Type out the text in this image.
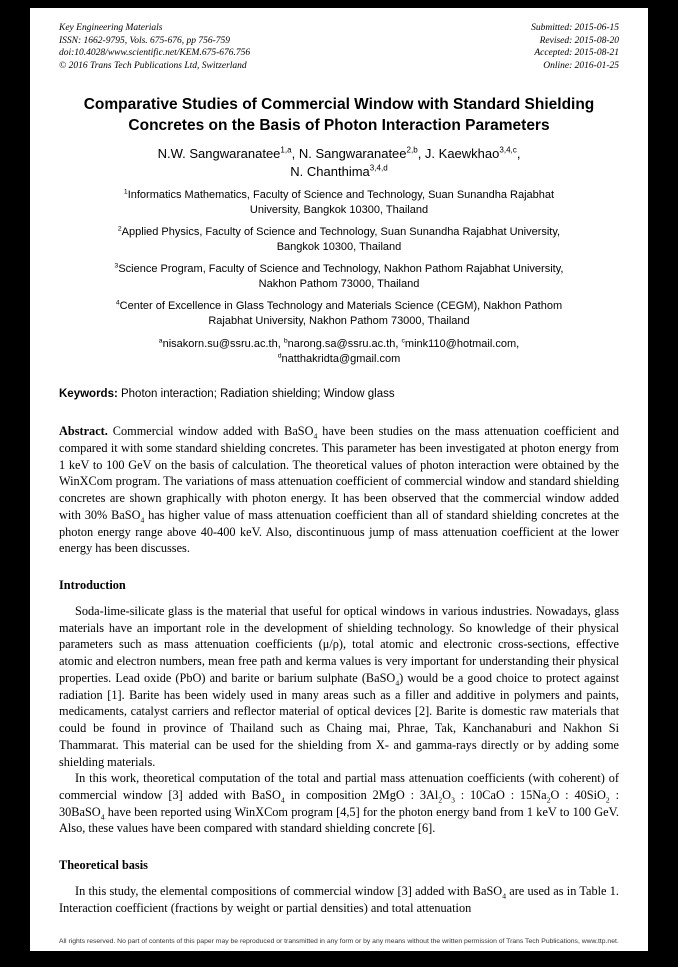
Key Engineering Materials
ISSN: 1662-9795, Vols. 675-676, pp 756-759
doi:10.4028/www.scientific.net/KEM.675-676.756
© 2016 Trans Tech Publications Ltd, Switzerland
Submitted: 2015-06-15
Revised: 2015-08-20
Accepted: 2015-08-21
Online: 2016-01-25
Comparative Studies of Commercial Window with Standard Shielding Concretes on the Basis of Photon Interaction Parameters
N.W. Sangwaranatee$^{1,a}$, N. Sangwaranatee$^{2,b}$, J. Kaewkhao$^{3,4,c}$,
N. Chanthima$^{3,4,d}$
$^1$Informatics Mathematics, Faculty of Science and Technology, Suan Sunandha Rajabhat University, Bangkok 10300, Thailand
$^2$Applied Physics, Faculty of Science and Technology, Suan Sunandha Rajabhat University, Bangkok 10300, Thailand
$^3$Science Program, Faculty of Science and Technology, Nakhon Pathom Rajabhat University, Nakhon Pathom 73000, Thailand
$^4$Center of Excellence in Glass Technology and Materials Science (CEGM), Nakhon Pathom Rajabhat University, Nakhon Pathom 73000, Thailand
$^a$nisakorn.su@ssru.ac.th, $^b$narong.sa@ssru.ac.th, $^c$mink110@hotmail.com,
$^d$natthakridta@gmail.com

Keywords: Photon interaction; Radiation shielding; Window glass

Abstract. Commercial window added with BaSO$_4$ have been studies on the mass attenuation coefficient and compared it with some standard shielding concretes. This parameter has been investigated at photon energy from 1 keV to 100 GeV on the basis of calculation. The theoretical values of photon interaction were obtained by the WinXCom program. The variations of mass attenuation coefficient of commercial window and standard shielding concretes are shown graphically with photon energy. It has been observed that the commercial window added with 30% BaSO$_4$ has higher value of mass attenuation coefficient than all of standard shielding concretes at the photon energy range above 40-400 keV. Also, discontinuous jump of mass attenuation coefficient at the lower energy has been discusses.

Introduction

Soda-lime-silicate glass is the material that useful for optical windows in various industries. Nowadays, glass materials have an important role in the development of shielding technology. So knowledge of their physical parameters such as mass attenuation coefficients (μ/ρ), total atomic and electronic cross-sections, effective atomic and electron numbers, mean free path and kerma values is very important for understanding their physical properties. Lead oxide (PbO) and barite or barium sulphate (BaSO$_4$) would be a good choice to protect against radiation [1]. Barite has been widely used in many areas such as a filler and additive in polymers and paints, medicaments, catalyst carriers and reflector material of optical devices [2]. Barite is domestic raw materials that could be found in province of Thailand such as Chaing mai, Phrae, Tak, Kanchanaburi and Nakhon Si Thammarat. This material can be used for the shielding from X- and gamma-rays directly or by adding some shielding materials.

In this work, theoretical computation of the total and partial mass attenuation coefficients (with coherent) of commercial window [3] added with BaSO$_4$ in composition 2MgO : $3Al_2O_3$ : 10CaO : $15Na_2O$ : 40SiO$_2$ : 30BaSO$_4$ have been reported using WinXCom program [4,5] for the photon energy band from 1 keV to 100 GeV. Also, these values have been compared with standard shielding concrete [6].

Theoretical basis

In this study, the elemental compositions of commercial window [3] added with BaSO$_4$ are used as in Table 1. Interaction coefficient (fractions by weight or partial densities) and total attenuation

All rights reserved. No part of contents of this paper may be reproduced or transmitted in any form or by any means without the written permission of Trans Tech Publications, www.ttp.net.
